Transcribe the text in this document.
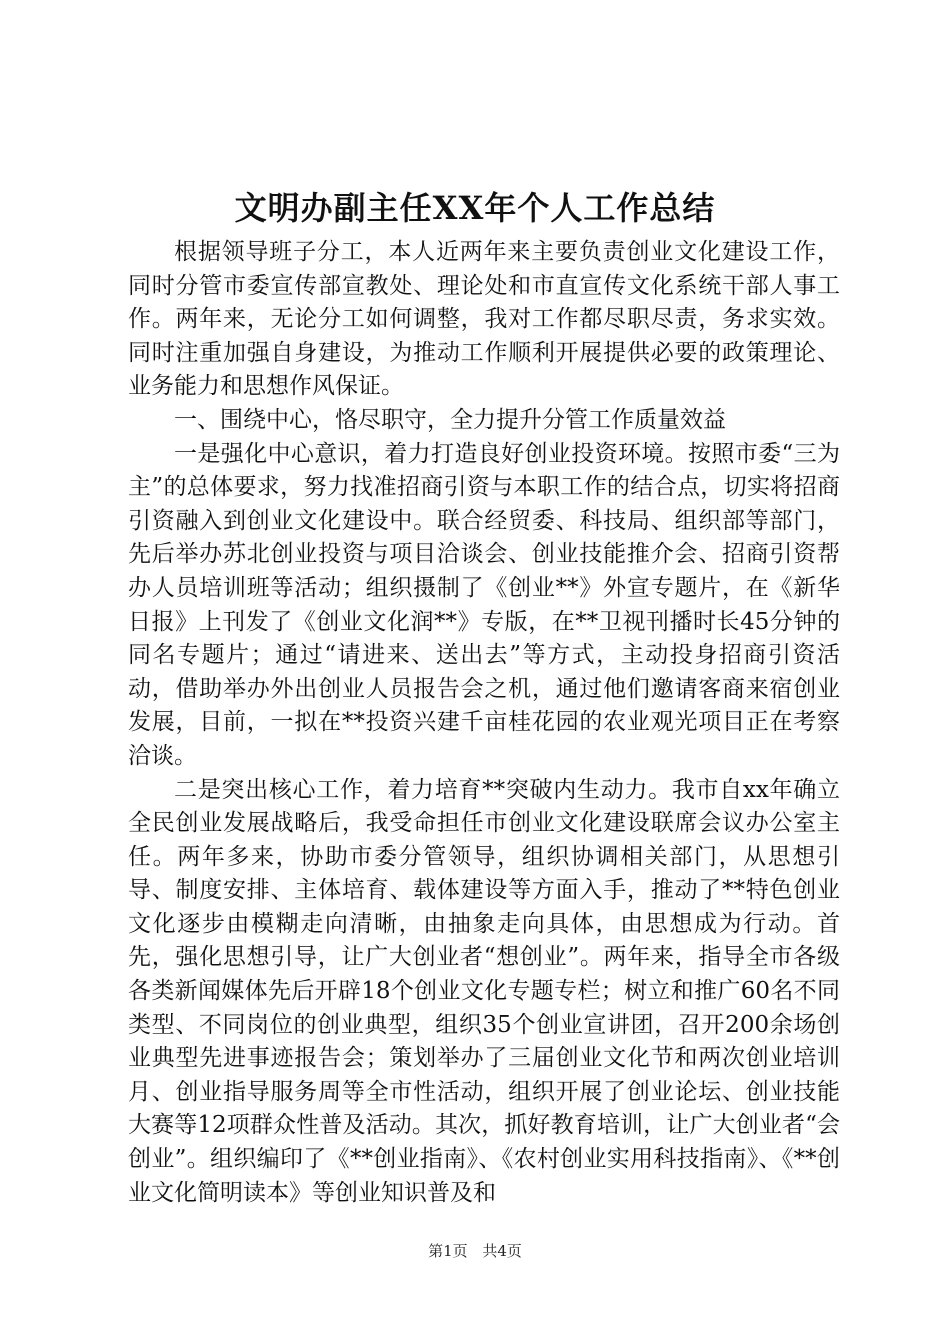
文明办副主任XX年个人工作总结

根据领导班子分工，本人近两年来主要负责创业文化建设工作，同时分管市委宣传部宣教处、理论处和市直宣传文化系统干部人事工作。两年来，无论分工如何调整，我对工作都尽职尽责，务求实效。同时注重加强自身建设，为推动工作顺利开展提供必要的政策理论、业务能力和思想作风保证。

一、围绕中心，恪尽职守，全力提升分管工作质量效益

一是强化中心意识，着力打造良好创业投资环境。按照市委“三为主”的总体要求，努力找准招商引资与本职工作的结合点，切实将招商引资融入到创业文化建设中。联合经贸委、科技局、组织部等部门，先后举办苏北创业投资与项目洽谈会、创业技能推介会、招商引资帮办人员培训班等活动；组织摄制了《创业**》外宣专题片，在《新华日报》上刊发了《创业文化润**》专版，在**卫视刊播时长45分钟的同名专题片；通过“请进来、送出去”等方式，主动投身招商引资活动，借助举办外出创业人员报告会之机，通过他们邀请客商来宿创业发展，目前，一拟在**投资兴建千亩桂花园的农业观光项目正在考察洽谈。

二是突出核心工作，着力培育**突破内生动力。我市自xx年确立全民创业发展战略后，我受命担任市创业文化建设联席会议办公室主任。两年多来，协助市委分管领导，组织协调相关部门，从思想引导、制度安排、主体培育、载体建设等方面入手，推动了**特色创业文化逐步由模糊走向清晰，由抽象走向具体，由思想成为行动。首先，强化思想引导，让广大创业者“想创业”。两年来，指导全市各级各类新闻媒体先后开辟18个创业文化专题专栏；树立和推广60名不同类型、不同岗位的创业典型，组织35个创业宣讲团，召开200余场创业典型先进事迹报告会；策划举办了三届创业文化节和两次创业培训月、创业指导服务周等全市性活动，组织开展了创业论坛、创业技能大赛等12项群众性普及活动。其次，抓好教育培训，让广大创业者“会创业”。组织编印了《**创业指南》、《农村创业实用科技指南》、《**创业文化简明读本》等创业知识普及和

第1页 共4页
